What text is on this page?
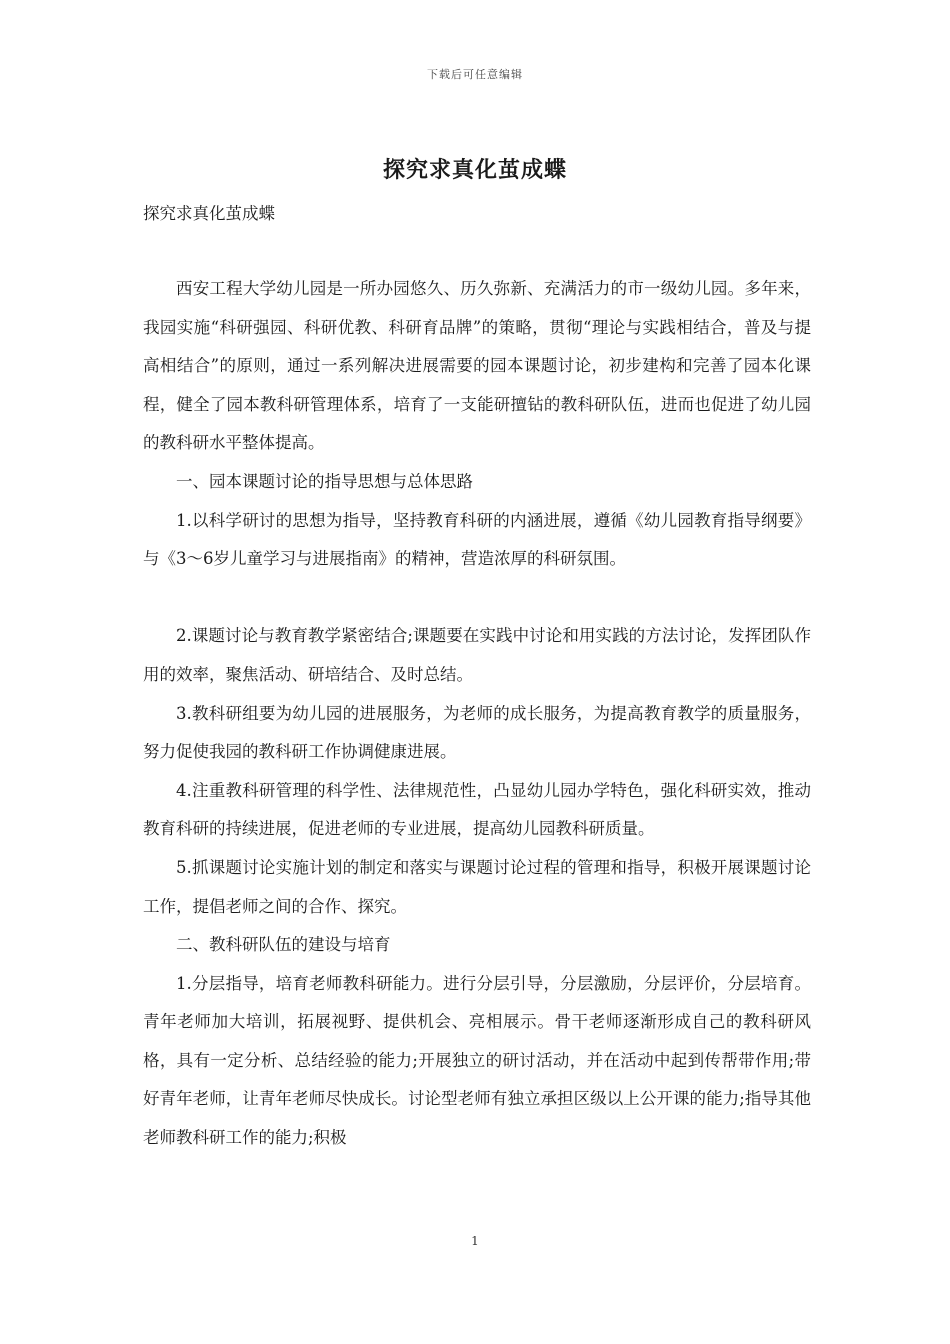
下载后可任意编辑
探究求真化茧成蝶
探究求真化茧成蝶

西安工程大学幼儿园是一所办园悠久、历久弥新、充满活力的市一级幼儿园。多年来，我园实施“科研强园、科研优教、科研育品牌”的策略，贯彻“理论与实践相结合，普及与提高相结合”的原则，通过一系列解决进展需要的园本课题讨论，初步建构和完善了园本化课程，健全了园本教科研管理体系，培育了一支能研擅钻的教科研队伍，进而也促进了幼儿园的教科研水平整体提高。

一、园本课题讨论的指导思想与总体思路

1.以科学研讨的思想为指导，坚持教育科研的内涵进展，遵循《幼儿园教育指导纲要》与《3～6岁儿童学习与进展指南》的精神，营造浓厚的科研氛围。

2.课题讨论与教育教学紧密结合;课题要在实践中讨论和用实践的方法讨论，发挥团队作用的效率，聚焦活动、研培结合、及时总结。

3.教科研组要为幼儿园的进展服务，为老师的成长服务，为提高教育教学的质量服务，努力促使我园的教科研工作协调健康进展。

4.注重教科研管理的科学性、法律规范性，凸显幼儿园办学特色，强化科研实效，推动教育科研的持续进展，促进老师的专业进展，提高幼儿园教科研质量。

5.抓课题讨论实施计划的制定和落实与课题讨论过程的管理和指导，积极开展课题讨论工作，提倡老师之间的合作、探究。

二、教科研队伍的建设与培育

1.分层指导，培育老师教科研能力。进行分层引导，分层激励，分层评价，分层培育。青年老师加大培训，拓展视野、提供机会、亮相展示。骨干老师逐渐形成自己的教科研风格，具有一定分析、总结经验的能力;开展独立的研讨活动，并在活动中起到传帮带作用;带好青年老师，让青年老师尽快成长。讨论型老师有独立承担区级以上公开课的能力;指导其他老师教科研工作的能力;积极

1
